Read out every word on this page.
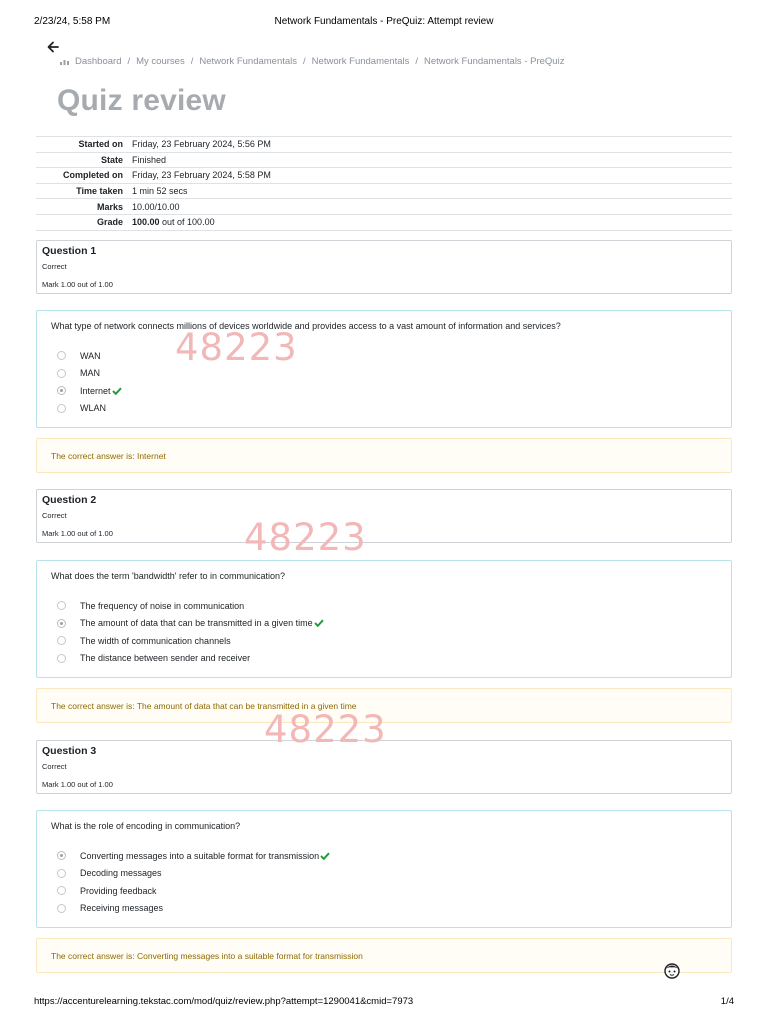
2/23/24, 5:58 PM	Network Fundamentals - PreQuiz: Attempt review
Dashboard / My courses / Network Fundamentals / Network Fundamentals / Network Fundamentals - PreQuiz
Quiz review
Started on	Friday, 23 February 2024, 5:56 PM
State	Finished
Completed on	Friday, 23 February 2024, 5:58 PM
Time taken	1 min 52 secs
Marks	10.00/10.00
Grade	100.00 out of 100.00
Question 1
Correct
Mark 1.00 out of 1.00
What type of network connects millions of devices worldwide and provides access to a vast amount of information and services?
WAN
MAN
Internet
WLAN
The correct answer is: Internet
Question 2
Correct
Mark 1.00 out of 1.00
What does the term 'bandwidth' refer to in communication?
The frequency of noise in communication
The amount of data that can be transmitted in a given time
The width of communication channels
The distance between sender and receiver
The correct answer is: The amount of data that can be transmitted in a given time
Question 3
Correct
Mark 1.00 out of 1.00
What is the role of encoding in communication?
Converting messages into a suitable format for transmission
Decoding messages
Providing feedback
Receiving messages
The correct answer is: Converting messages into a suitable format for transmission
48223
48223
48223
https://accenturelearning.tekstac.com/mod/quiz/review.php?attempt=1290041&cmid=7973	1/4
